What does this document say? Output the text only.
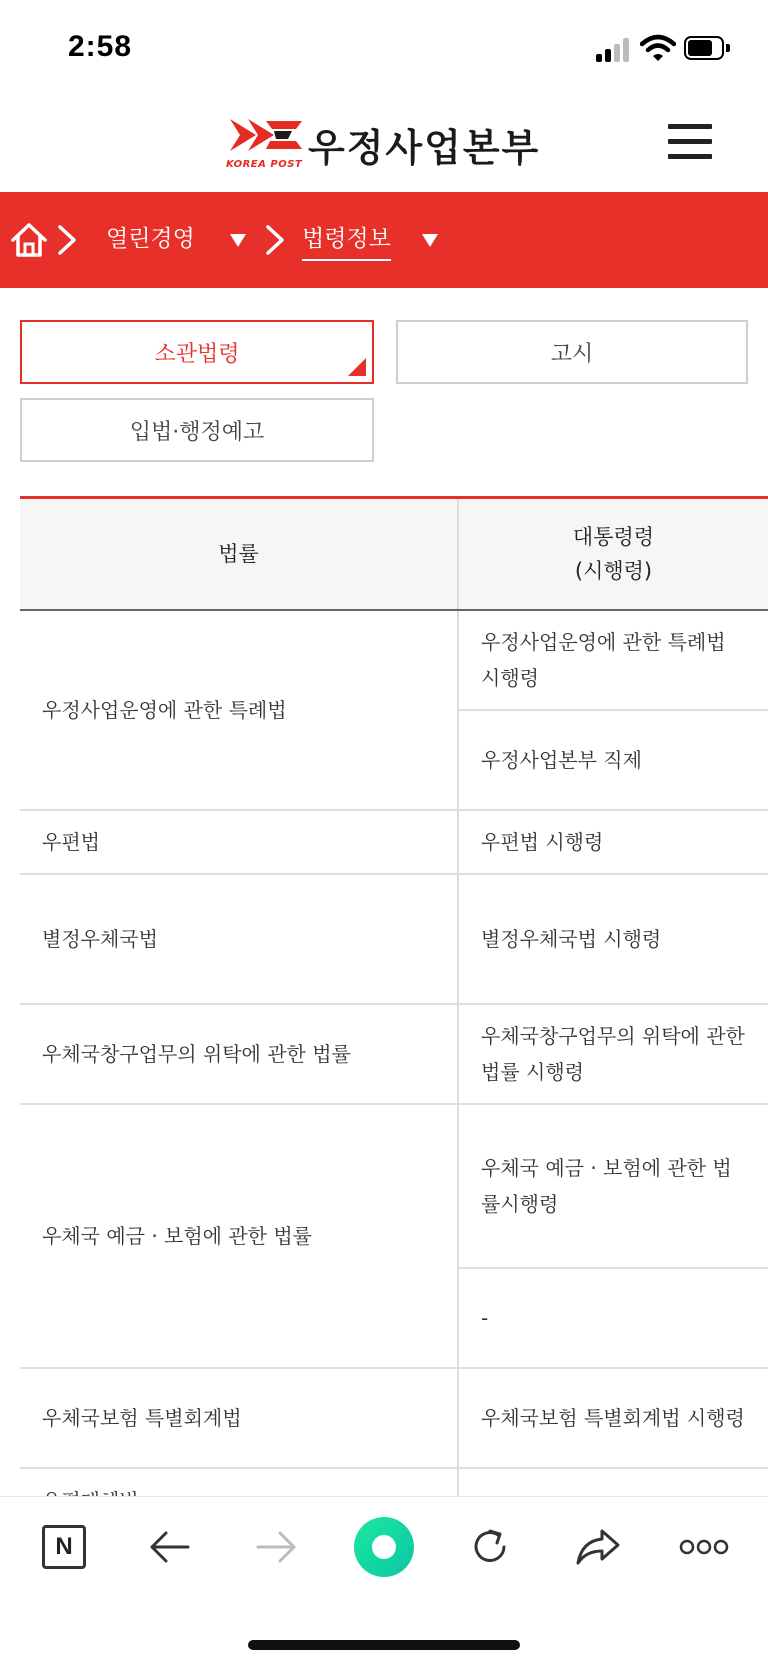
2:58
KOREA POST 우정사업본부
열린경영	법령정보
소관법령	고시
입법·행정예고
법률	대통령령
(시행령)
우정사업운영에 관한 특례법	우정사업운영에 관한 특례법 시행령
	우정사업본부 직제
우편법	우편법 시행령
별정우체국법	별정우체국법 시행령
우체국창구업무의 위탁에 관한 법률	우체국창구업무의 위탁에 관한 법률 시행령
우체국 예금 · 보험에 관한 법률	우체국 예금 · 보험에 관한 법률시행령
	-
우체국보험 특별회계법	우체국보험 특별회계법 시행령

N
